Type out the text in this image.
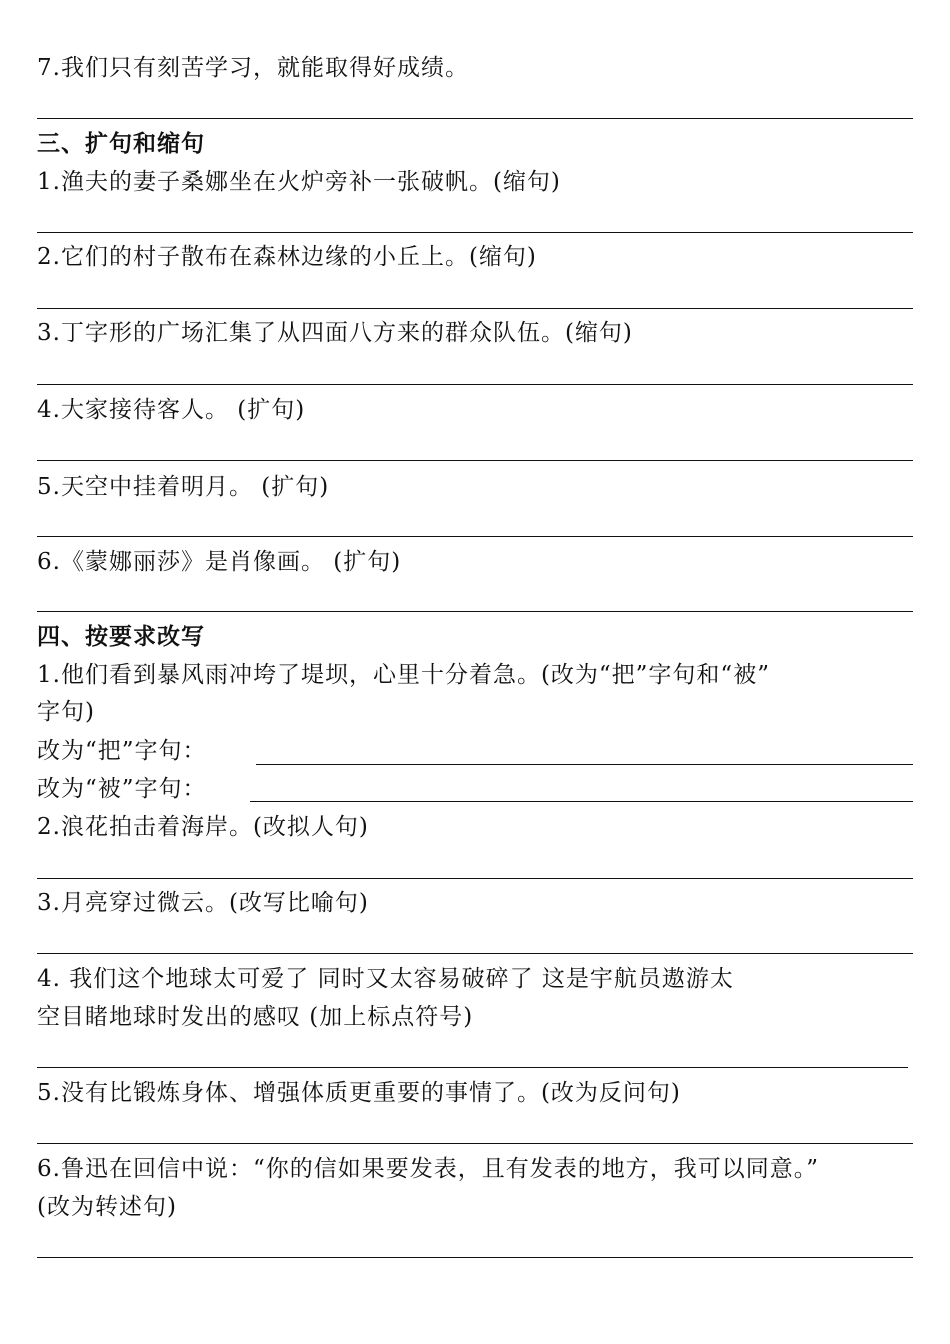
7.我们只有刻苦学习，就能取得好成绩。
三、扩句和缩句
1.渔夫的妻子桑娜坐在火炉旁补一张破帆。(缩句)
2.它们的村子散布在森林边缘的小丘上。(缩句)
3.丁字形的广场汇集了从四面八方来的群众队伍。(缩句)
4.大家接待客人。 (扩句)
5.天空中挂着明月。 (扩句)
6.《蒙娜丽莎》是肖像画。 (扩句)
四、按要求改写
1.他们看到暴风雨冲垮了堤坝，心里十分着急。(改为“把”字句和“被”
字句)
改为“把”字句：
改为“被”字句：
2.浪花拍击着海岸。(改拟人句)
3.月亮穿过微云。(改写比喻句)
4. 我们这个地球太可爱了 同时又太容易破碎了 这是宇航员遨游太
空目睹地球时发出的感叹 (加上标点符号)
5.没有比锻炼身体、增强体质更重要的事情了。(改为反问句)
6.鲁迅在回信中说：“你的信如果要发表，且有发表的地方，我可以同意。”
(改为转述句)
